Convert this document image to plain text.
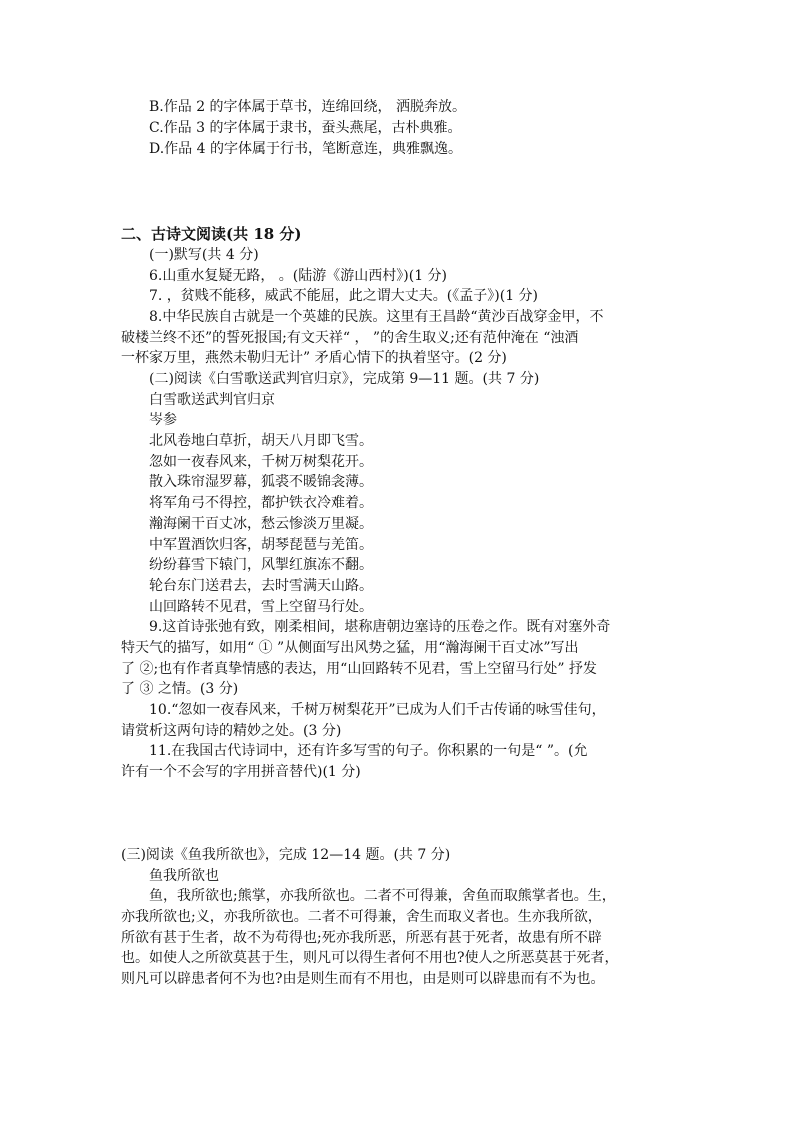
B.作品 2 的字体属于草书，连绵回绕， 洒脱奔放。
C.作品 3 的字体属于隶书，蚕头燕尾，古朴典雅。
D.作品 4 的字体属于行书，笔断意连，典雅飘逸。
二、古诗文阅读(共 18 分)
(一)默写(共 4 分)
6.山重水复疑无路， 。(陆游《游山西村》)(1 分)
7. ，贫贱不能移，威武不能屈，此之谓大丈夫。(《孟子》)(1 分)
8.中华民族自古就是一个英雄的民族。这里有王昌龄“黄沙百战穿金甲，不
破楼兰终不还”的誓死报国;有文天祥“ ， ”的舍生取义;还有范仲淹在 “浊酒
一杯家万里，燕然未勒归无计” 矛盾心情下的执着坚守。(2 分)
(二)阅读《白雪歌送武判官归京》，完成第 9—11 题。(共 7 分)
白雪歌送武判官归京
岑参
北风卷地白草折，胡天八月即飞雪。
忽如一夜春风来，千树万树梨花开。
散入珠帘湿罗幕，狐裘不暖锦衾薄。
将军角弓不得控，都护铁衣冷难着。
瀚海阑干百丈冰，愁云惨淡万里凝。
中军置酒饮归客，胡琴琵琶与羌笛。
纷纷暮雪下辕门，风掣红旗冻不翻。
轮台东门送君去，去时雪满天山路。
山回路转不见君，雪上空留马行处。
9.这首诗张弛有致，刚柔相间，堪称唐朝边塞诗的压卷之作。既有对塞外奇
特天气的描写，如用“ ① ”从侧面写出风势之猛，用“瀚海阑干百丈冰”写出
了 ②;也有作者真挚情感的表达，用“山回路转不见君，雪上空留马行处” 抒发
了 ③ 之情。(3 分)
10.“忽如一夜春风来，千树万树梨花开”已成为人们千古传诵的咏雪佳句，
请赏析这两句诗的精妙之处。(3 分)
11.在我国古代诗词中，还有许多写雪的句子。你积累的一句是“ ”。(允
许有一个不会写的字用拼音替代)(1 分)
(三)阅读《鱼我所欲也》，完成 12—14 题。(共 7 分)
鱼我所欲也
鱼，我所欲也;熊掌，亦我所欲也。二者不可得兼，舍鱼而取熊掌者也。生，
亦我所欲也;义，亦我所欲也。二者不可得兼，舍生而取义者也。生亦我所欲，
所欲有甚于生者，故不为苟得也;死亦我所恶，所恶有甚于死者，故患有所不辟
也。如使人之所欲莫甚于生，则凡可以得生者何不用也?使人之所恶莫甚于死者，
则凡可以辟患者何不为也?由是则生而有不用也，由是则可以辟患而有不为也。
